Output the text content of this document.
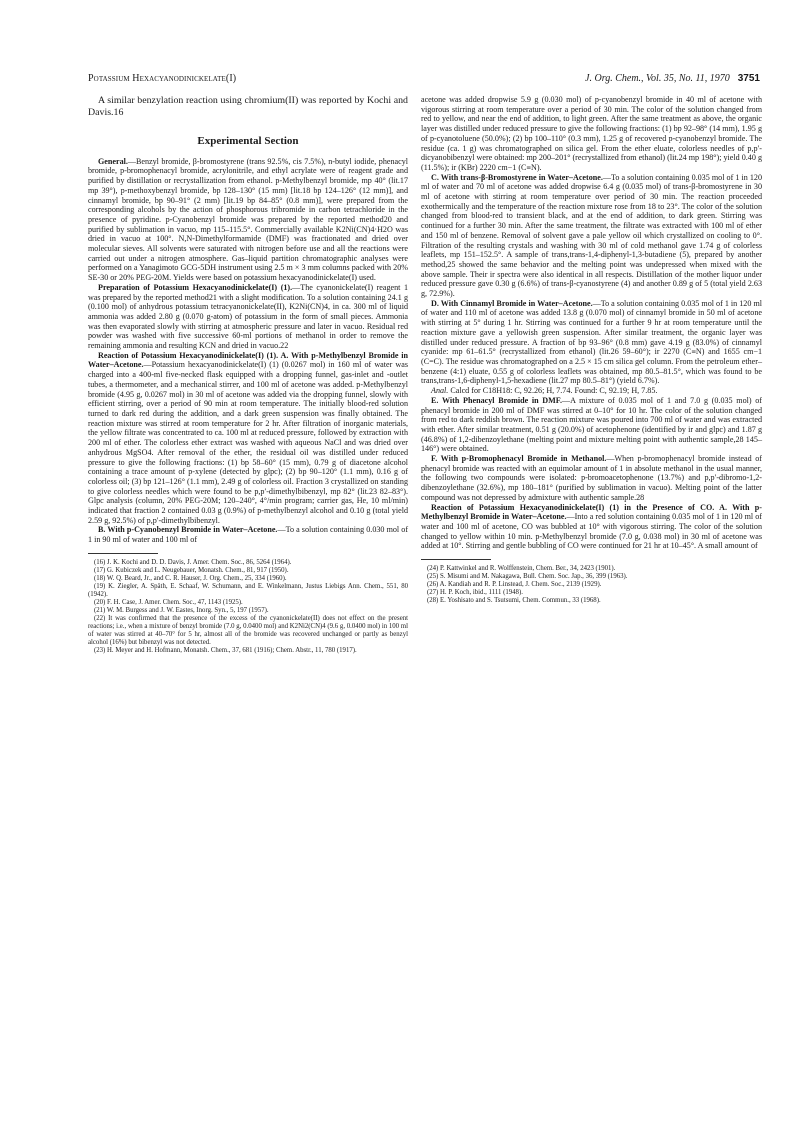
Potassium Hexacyanodinickelate(I)	J. Org. Chem., Vol. 35, No. 11, 1970 3751

A similar benzylation reaction using chromium(II) was reported by Kochi and Davis.16

Experimental Section

General.—Benzyl bromide, β-bromostyrene (trans 92.5%, cis 7.5%), n-butyl iodide, phenacyl bromide, p-bromophenacyl bromide, acrylonitrile, and ethyl acrylate were of reagent grade and purified by distillation or recrystallization from ethanol. p-Methylbenzyl bromide, mp 40° (lit.17 mp 39°), p-methoxybenzyl bromide, bp 128–130° (15 mm) [lit.18 bp 124–126° (12 mm)], and cinnamyl bromide, bp 90–91° (2 mm) [lit.19 bp 84–85° (0.8 mm)], were prepared from the corresponding alcohols by the action of phosphorous tribromide in carbon tetrachloride in the presence of pyridine. p-Cyanobenzyl bromide was prepared by the reported method20 and purified by sublimation in vacuo, mp 115–115.5°. Commercially available K2Ni(CN)4·H2O was dried in vacuo at 100°. N,N-Dimethylformamide (DMF) was fractionated and dried over molecular sieves. All solvents were saturated with nitrogen before use and all the reactions were carried out under a nitrogen atmosphere. Gas–liquid partition chromatographic analyses were performed on a Yanagimoto GCG-5DH instrument using 2.5 m × 3 mm columns packed with 20% SE-30 or 20% PEG-20M. Yields were based on potassium hexacyanodinickelate(I) used.

Preparation of Potassium Hexacyanodinickelate(I) (1).—The cyanonickelate(I) reagent 1 was prepared by the reported method21 with a slight modification. To a solution containing 24.1 g (0.100 mol) of anhydrous potassium tetracyanonickelate(II), K2Ni(CN)4, in ca. 300 ml of liquid ammonia was added 2.80 g (0.070 g-atom) of potassium in the form of small pieces. Ammonia was then evaporated slowly with stirring at atmospheric pressure and later in vacuo. Residual red powder was washed with five successive 60-ml portions of methanol in order to remove the remaining ammonia and resulting KCN and dried in vacuo.22

Reaction of Potassium Hexacyanodinickelate(I) (1). A. With p-Methylbenzyl Bromide in Water–Acetone.—Potassium hexacyanodinickelate(I) (1) (0.0267 mol) in 160 ml of water was charged into a 400-ml five-necked flask equipped with a dropping funnel, gas-inlet and -outlet tubes, a thermometer, and a mechanical stirrer, and 100 ml of acetone was added. p-Methylbenzyl bromide (4.95 g, 0.0267 mol) in 30 ml of acetone was added via the dropping funnel, slowly with efficient stirring, over a period of 90 min at room temperature. The initially blood-red solution turned to dark red during the addition, and a dark green suspension was finally obtained. The reaction mixture was stirred at room temperature for 2 hr. After filtration of inorganic materials, the yellow filtrate was concentrated to ca. 100 ml at reduced pressure, followed by extraction with 200 ml of ether. The colorless ether extract was washed with aqueous NaCl and was dried over anhydrous MgSO4. After removal of the ether, the residual oil was distilled under reduced pressure to give the following fractions: (1) bp 58–60° (15 mm), 0.79 g of diacetone alcohol containing a trace amount of p-xylene (detected by glpc); (2) bp 90–120° (1.1 mm), 0.16 g of colorless oil; (3) bp 121–126° (1.1 mm), 2.49 g of colorless oil. Fraction 3 crystallized on standing to give colorless needles which were found to be p,p′-dimethylbibenzyl, mp 82° (lit.23 82–83°). Glpc analysis (column, 20% PEG-20M; 120–240°, 4°/min program; carrier gas, He, 10 ml/min) indicated that fraction 2 contained 0.03 g (0.9%) of p-methylbenzyl alcohol and 0.10 g (total yield 2.59 g, 92.5%) of p,p′-dimethylbibenzyl.

B. With p-Cyanobenzyl Bromide in Water–Acetone.—To a solution containing 0.030 mol of 1 in 90 ml of water and 100 ml of

(16) J. K. Kochi and D. D. Davis, J. Amer. Chem. Soc., 86, 5264 (1964).

(17) G. Kubiczek and L. Neugebauer, Monatsh. Chem., 81, 917 (1950).

(18) W. Q. Beard, Jr., and C. R. Hauser, J. Org. Chem., 25, 334 (1960).

(19) K. Ziegler, A. Späth, E. Schaaf, W. Schumann, and E. Winkelmann, Justus Liebigs Ann. Chem., 551, 80 (1942).

(20) F. H. Case, J. Amer. Chem. Soc., 47, 1143 (1925).

(21) W. M. Burgess and J. W. Eastes, Inorg. Syn., 5, 197 (1957).

(22) It was confirmed that the presence of the excess of the cyanonickelate(II) does not effect on the present reactions; i.e., when a mixture of benzyl bromide (7.0 g, 0.0400 mol) and K2Ni2(CN)4 (9.6 g, 0.0400 mol) in 100 ml of water was stirred at 40–70° for 5 hr, almost all of the bromide was recovered unchanged or partly as benzyl alcohol (16%) but bibenzyl was not detected.

(23) H. Meyer and H. Hofmann, Monatsh. Chem., 37, 681 (1916); Chem. Abstr., 11, 780 (1917).

acetone was added dropwise 5.9 g (0.030 mol) of p-cyanobenzyl bromide in 40 ml of acetone with vigorous stirring at room temperature over a period of 30 min. The color of the solution changed from red to yellow, and near the end of addition, to light green. After the same treatment as above, the organic layer was distilled under reduced pressure to give the following fractions: (1) bp 92–98° (14 mm), 1.95 g of p-cyanotoluene (50.0%); (2) bp 100–110° (0.3 mm), 1.25 g of recovered p-cyanobenzyl bromide. The residue (ca. 1 g) was chromatographed on silica gel. From the ether eluate, colorless needles of p,p′-dicyanobibenzyl were obtained: mp 200–201° (recrystallized from ethanol) (lit.24 mp 198°); yield 0.40 g (11.5%); ir (KBr) 2220 cm−1 (C≡N).

C. With trans-β-Bromostyrene in Water–Acetone.—To a solution containing 0.035 mol of 1 in 120 ml of water and 70 ml of acetone was added dropwise 6.4 g (0.035 mol) of trans-β-bromostyrene in 30 ml of acetone with stirring at room temperature over period of 30 min. The reaction proceeded exothermically and the temperature of the reaction mixture rose from 18 to 23°. The color of the solution changed from blood-red to transient black, and at the end of addition, to dark green. Stirring was continued for a further 30 min. After the same treatment, the filtrate was extracted with 100 ml of ether and 150 ml of benzene. Removal of solvent gave a pale yellow oil which crystallized on cooling to 0°. Filtration of the resulting crystals and washing with 30 ml of cold methanol gave 1.74 g of colorless leaflets, mp 151–152.5°. A sample of trans,trans-1,4-diphenyl-1,3-butadiene (5), prepared by another method,25 showed the same behavior and the melting point was undepressed when mixed with the above sample. Their ir spectra were also identical in all respects. Distillation of the mother liquor under reduced pressure gave 0.30 g (6.6%) of trans-β-cyanostyrene (4) and another 0.89 g of 5 (total yield 2.63 g, 72.9%).

D. With Cinnamyl Bromide in Water–Acetone.—To a solution containing 0.035 mol of 1 in 120 ml of water and 110 ml of acetone was added 13.8 g (0.070 mol) of cinnamyl bromide in 50 ml of acetone with stirring at 5° during 1 hr. Stirring was continued for a further 9 hr at room temperature until the reaction mixture gave a yellowish green suspension. After similar treatment, the organic layer was distilled under reduced pressure. A fraction of bp 93–96° (0.8 mm) gave 4.19 g (83.0%) of cinnamyl cyanide: mp 61–61.5° (recrystallized from ethanol) (lit.26 59–60°); ir 2270 (C≡N) and 1655 cm−1 (C=C). The residue was chromatographed on a 2.5 × 15 cm silica gel column. From the petroleum ether–benzene (4:1) eluate, 0.55 g of colorless leaflets was obtained, mp 80.5–81.5°, which was found to be trans,trans-1,6-diphenyl-1,5-hexadiene (lit.27 mp 80.5–81°) (yield 6.7%).

Anal. Calcd for C18H18: C, 92.26; H, 7.74. Found: C, 92.19; H, 7.85.

E. With Phenacyl Bromide in DMF.—A mixture of 0.035 mol of 1 and 7.0 g (0.035 mol) of phenacyl bromide in 200 ml of DMF was stirred at 0–10° for 10 hr. The color of the solution changed from red to dark reddish brown. The reaction mixture was poured into 700 ml of water and was extracted with ether. After similar treatment, 0.51 g (20.0%) of acetophenone (identified by ir and glpc) and 1.87 g (46.8%) of 1,2-dibenzoylethane (melting point and mixture melting point with authentic sample,28 145–146°) were obtained.

F. With p-Bromophenacyl Bromide in Methanol.—When p-bromophenacyl bromide instead of phenacyl bromide was reacted with an equimolar amount of 1 in absolute methanol in the usual manner, the following two compounds were isolated: p-bromoacetophenone (13.7%) and p,p′-dibromo-1,2-dibenzoylethane (32.6%), mp 180–181° (purified by sublimation in vacuo). Melting point of the latter compound was not depressed by admixture with authentic sample.28

Reaction of Potassium Hexacyanodinickelate(I) (1) in the Presence of CO. A. With p-Methylbenzyl Bromide in Water–Acetone.—Into a red solution containing 0.035 mol of 1 in 120 ml of water and 100 ml of acetone, CO was bubbled at 10° with vigorous stirring. The color of the solution changed to yellow within 10 min. p-Methylbenzyl bromide (7.0 g, 0.038 mol) in 30 ml of acetone was added at 10°. Stirring and gentle bubbling of CO were continued for 21 hr at 10–45°. A small amount of

(24) P. Kattwinkel and R. Wolffenstein, Chem. Ber., 34, 2423 (1901).

(25) S. Misumi and M. Nakagawa, Bull. Chem. Soc. Jap., 36, 399 (1963).

(26) A. Kandiah and R. P. Linstead, J. Chem. Soc., 2139 (1929).

(27) H. P. Koch, ibid., 1111 (1948).

(28) E. Yoshisato and S. Tsutsumi, Chem. Commun., 33 (1968).
